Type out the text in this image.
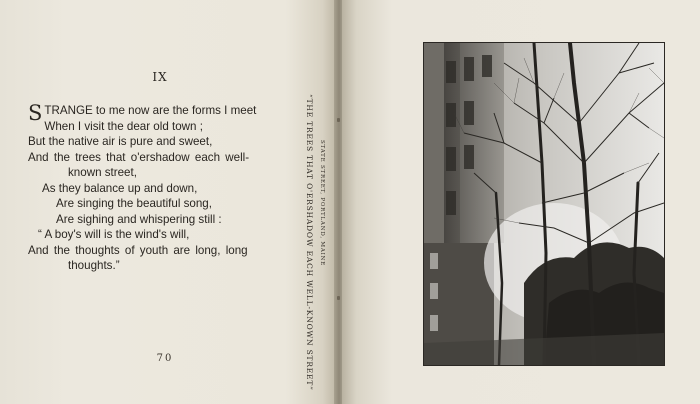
IX
STRANGE to me now are the forms I meet
When I visit the dear old town ;
But the native air is pure and sweet,
And the trees that o'ershadow each well-
known street,
As they balance up and down,
Are singing the beautiful song,
Are sighing and whispering still :
“ A boy's will is the wind's will,
And the thoughts of youth are long, long
thoughts.”
70	“THE TREES THAT O'ERSHADOW EACH WELL-KNOWN STREET” STATE STREET, PORTLAND, MAINE
